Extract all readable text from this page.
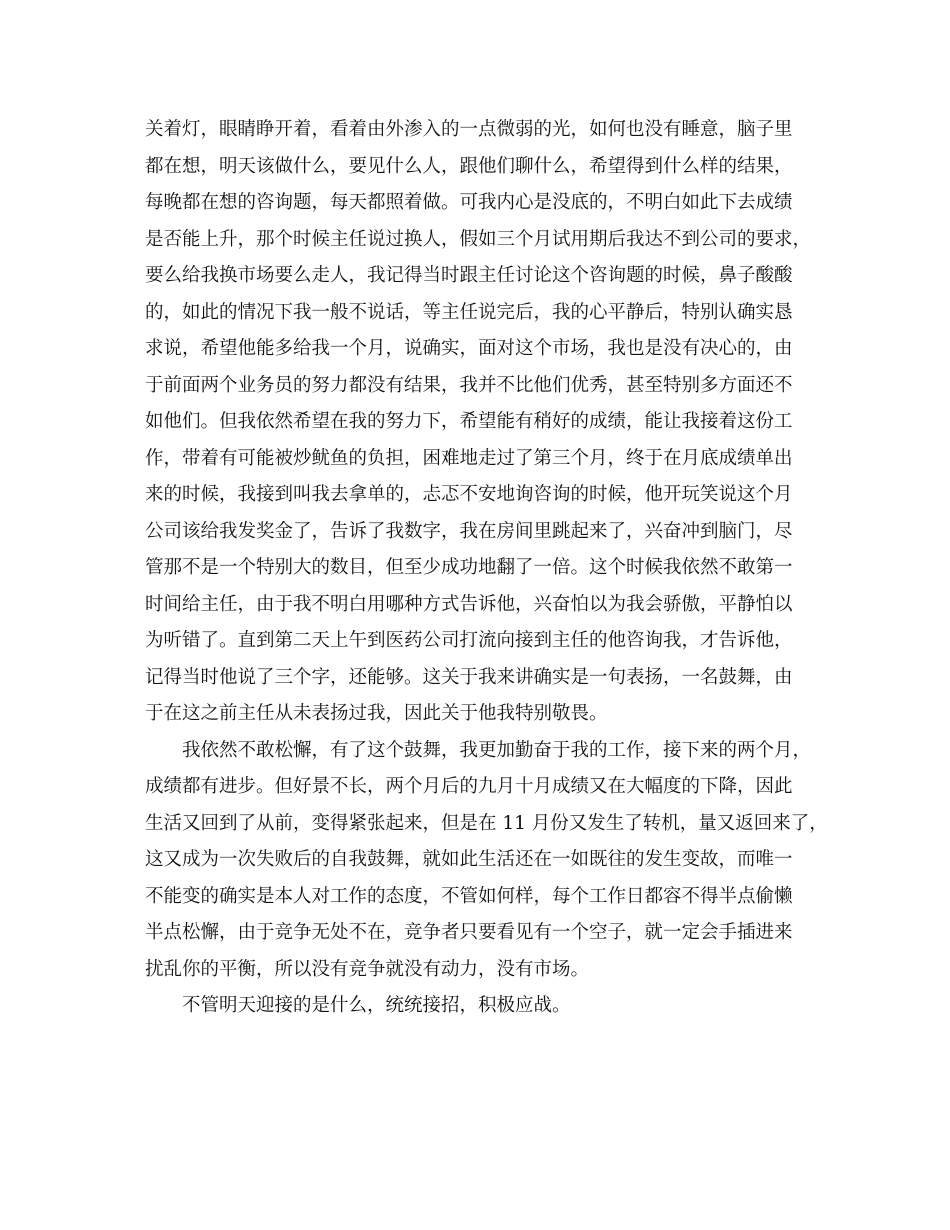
关着灯，眼睛睁开着，看着由外渗入的一点微弱的光，如何也没有睡意，脑子里
都在想，明天该做什么，要见什么人，跟他们聊什么，希望得到什么样的结果，
每晚都在想的咨询题，每天都照着做。可我内心是没底的，不明白如此下去成绩
是否能上升，那个时候主任说过换人，假如三个月试用期后我达不到公司的要求，
要么给我换市场要么走人，我记得当时跟主任讨论这个咨询题的时候，鼻子酸酸
的，如此的情况下我一般不说话，等主任说完后，我的心平静后，特别认确实恳
求说，希望他能多给我一个月，说确实，面对这个市场，我也是没有决心的，由
于前面两个业务员的努力都没有结果，我并不比他们优秀，甚至特别多方面还不
如他们。但我依然希望在我的努力下，希望能有稍好的成绩，能让我接着这份工
作，带着有可能被炒鱿鱼的负担，困难地走过了第三个月，终于在月底成绩单出
来的时候，我接到叫我去拿单的，忐忑不安地询咨询的时候，他开玩笑说这个月
公司该给我发奖金了，告诉了我数字，我在房间里跳起来了，兴奋冲到脑门，尽
管那不是一个特别大的数目，但至少成功地翻了一倍。这个时候我依然不敢第一
时间给主任，由于我不明白用哪种方式告诉他，兴奋怕以为我会骄傲，平静怕以
为听错了。直到第二天上午到医药公司打流向接到主任的他咨询我，才告诉他，
记得当时他说了三个字，还能够。这关于我来讲确实是一句表扬，一名鼓舞，由
于在这之前主任从未表扬过我，因此关于他我特别敬畏。
我依然不敢松懈，有了这个鼓舞，我更加勤奋于我的工作，接下来的两个月，
成绩都有进步。但好景不长，两个月后的九月十月成绩又在大幅度的下降，因此
生活又回到了从前，变得紧张起来，但是在 11 月份又发生了转机，量又返回来了，
这又成为一次失败后的自我鼓舞，就如此生活还在一如既往的发生变故，而唯一
不能变的确实是本人对工作的态度，不管如何样，每个工作日都容不得半点偷懒
半点松懈，由于竞争无处不在，竞争者只要看见有一个空子，就一定会手插进来
扰乱你的平衡，所以没有竞争就没有动力，没有市场。
不管明天迎接的是什么，统统接招，积极应战。
